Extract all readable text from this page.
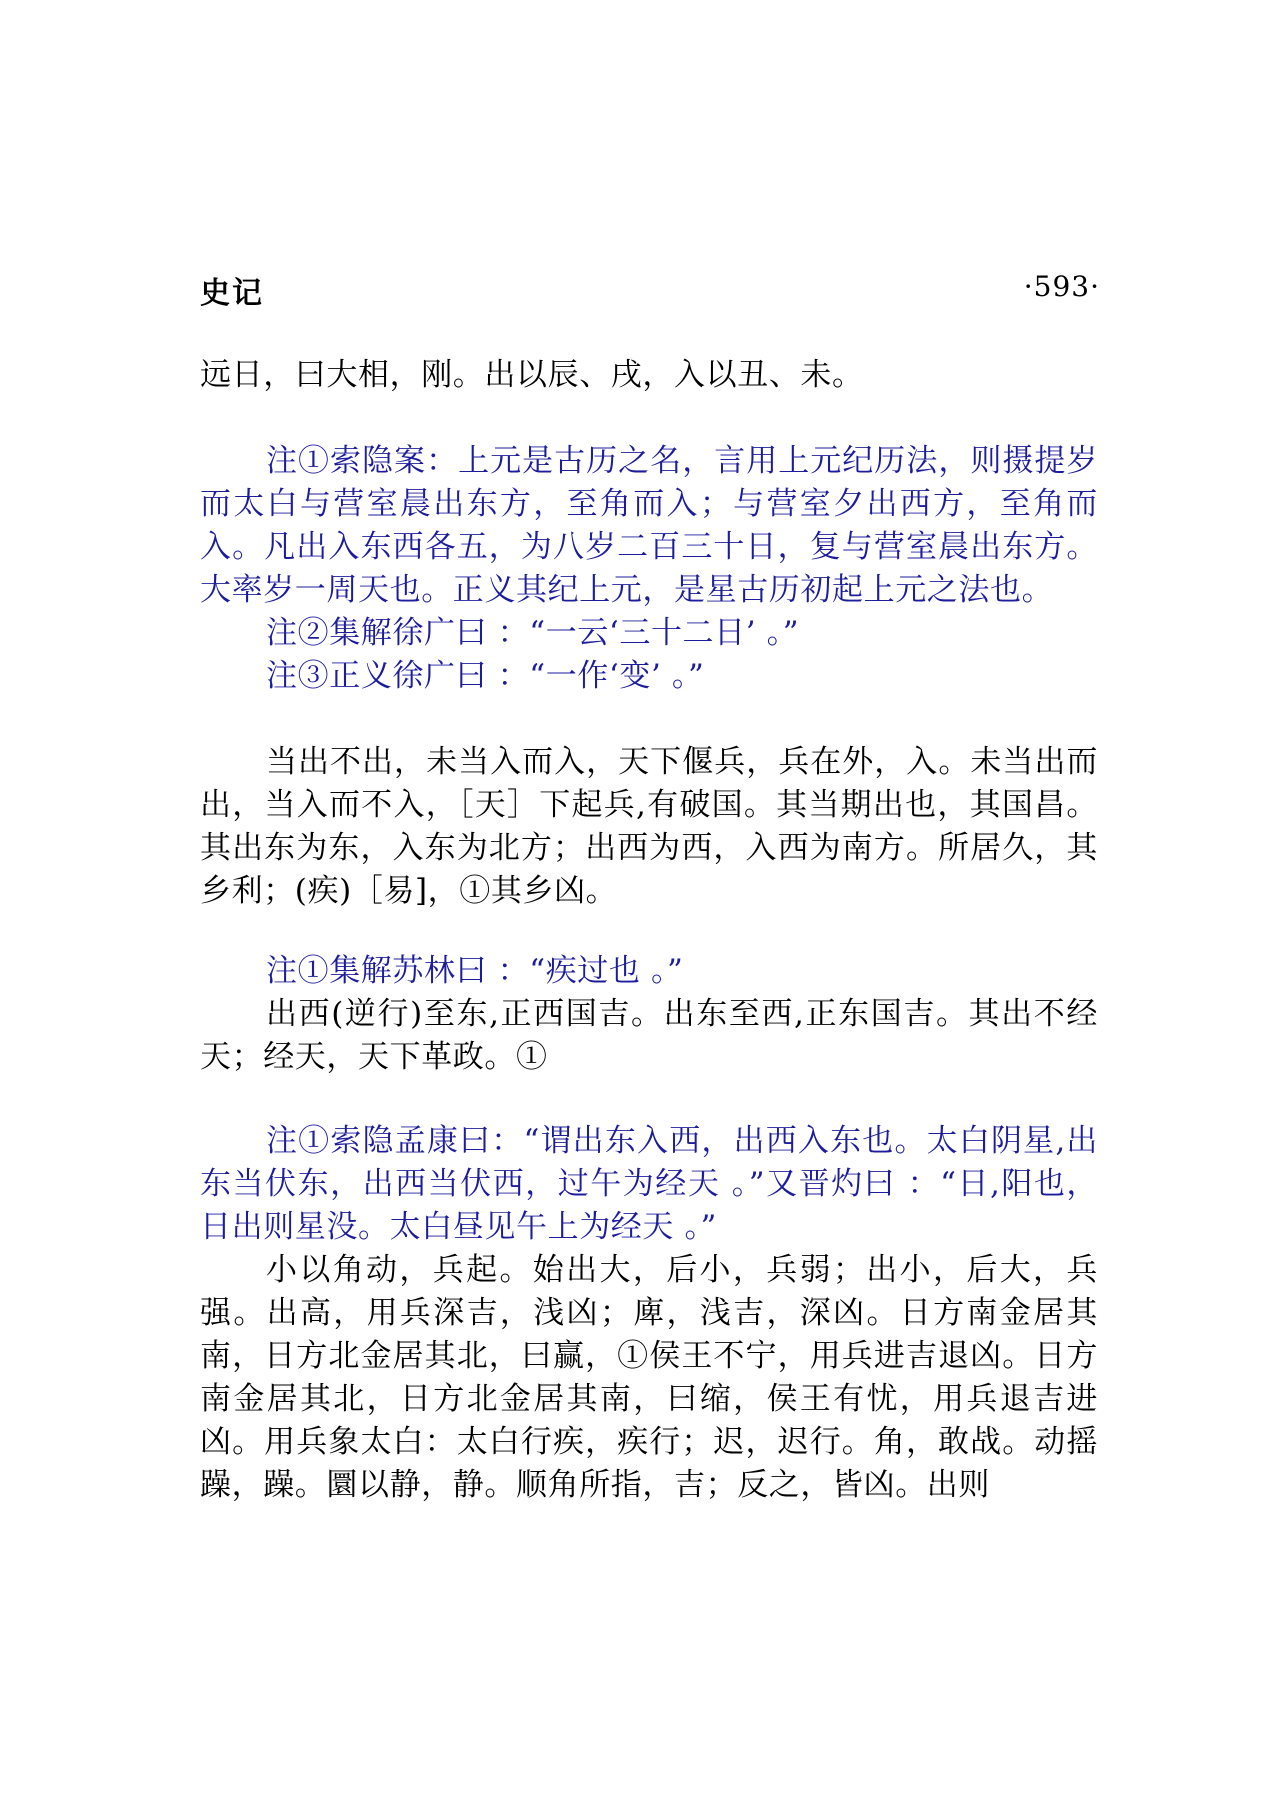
史记	·593·

远日，曰大相，刚。出以辰、戌，入以丑、未。

注①索隐案：上元是古历之名，言用上元纪历法，则摄提岁而太白与营室晨出东方，至角而入；与营室夕出西方，至角而入。凡出入东西各五，为八岁二百三十日，复与营室晨出东方。大率岁一周天也。正义其纪上元，是星古历初起上元之法也。

注②集解徐广曰 ：“一云‘三十二日’ 。”

注③正义徐广曰 ：“一作‘变’ 。”

当出不出，未当入而入，天下偃兵，兵在外，入。未当出而出，当入而不入，［天］下起兵,有破国。其当期出也，其国昌。其出东为东，入东为北方；出西为西，入西为南方。所居久，其乡利；(疾)［易]，①其乡凶。

注①集解苏林曰 ：“疾过也 。”

出西(逆行)至东,正西国吉。出东至西,正东国吉。其出不经天；经天，天下革政。①

注①索隐孟康曰：“谓出东入西，出西入东也。太白阴星,出东当伏东，出西当伏西，过午为经天 。”又晋灼曰 ：“日,阳也，日出则星没。太白昼见午上为经天 。”

小以角动，兵起。始出大，后小，兵弱；出小，后大，兵强。出高，用兵深吉，浅凶；庳，浅吉，深凶。日方南金居其南，日方北金居其北，曰赢，①侯王不宁，用兵进吉退凶。日方南金居其北，日方北金居其南，曰缩，侯王有忧，用兵退吉进凶。用兵象太白：太白行疾，疾行；迟，迟行。角，敢战。动摇躁，躁。圜以静，静。顺角所指，吉；反之，皆凶。出则
